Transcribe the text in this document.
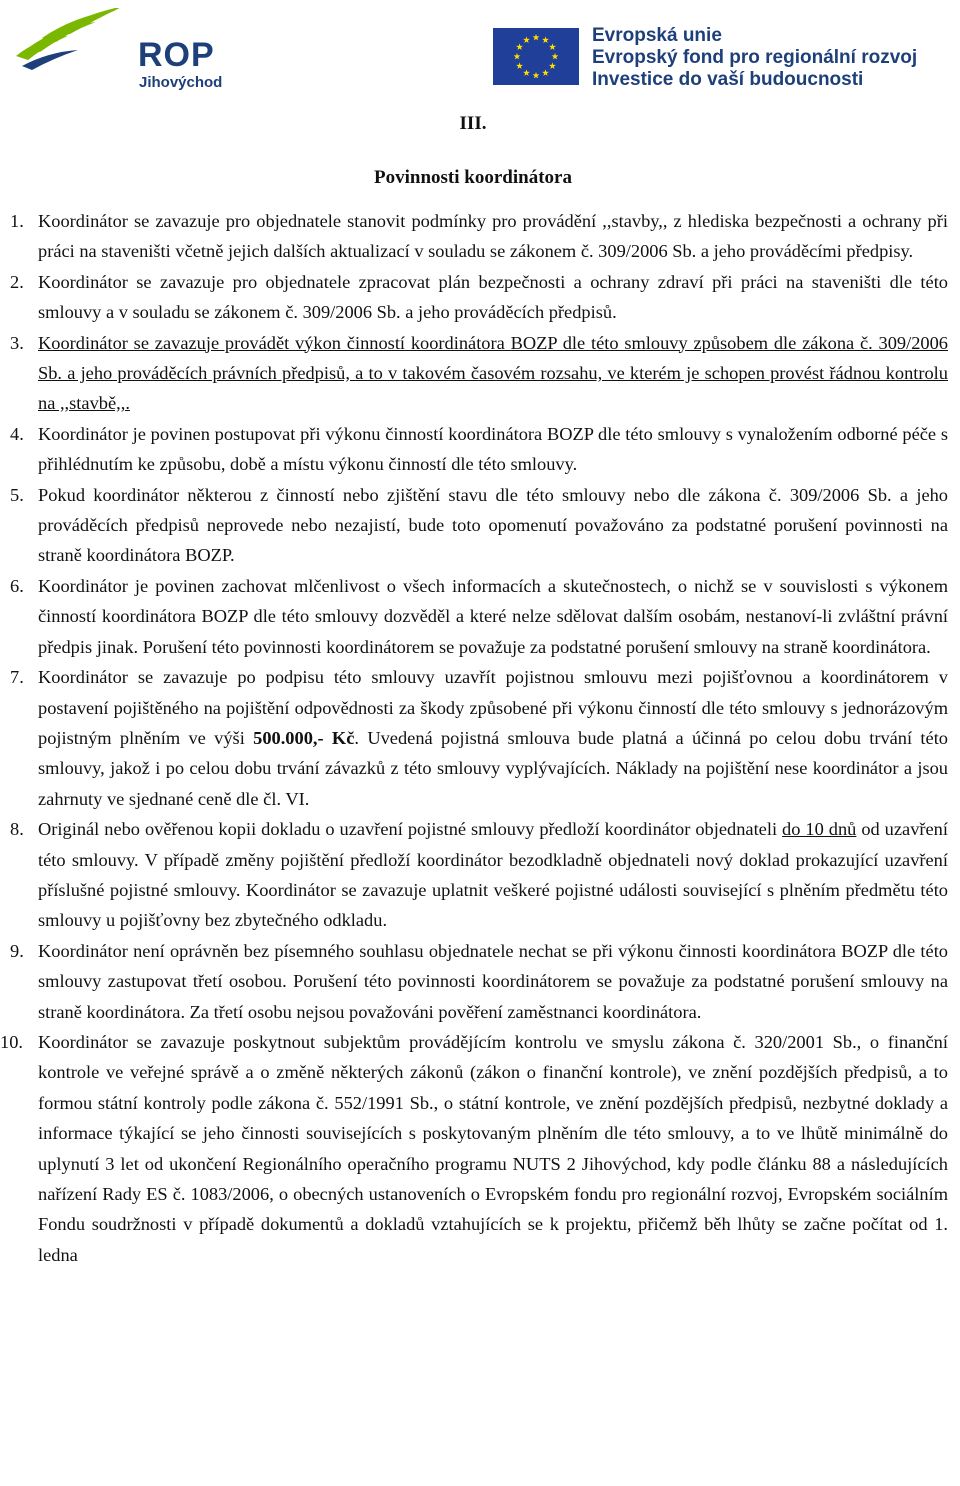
ROP
Jihovýchod
Evropská unie
Evropský fond pro regionální rozvoj
Investice do vaší budoucnosti
III.
Povinnosti koordinátora
1. Koordinátor se zavazuje pro objednatele stanovit podmínky pro provádění ,,stavby,, z hlediska bezpečnosti a ochrany při práci na staveništi včetně jejich dalších aktualizací v souladu se zákonem č. 309/2006 Sb. a jeho prováděcími předpisy.
2. Koordinátor se zavazuje pro objednatele zpracovat plán bezpečnosti a ochrany zdraví při práci na staveništi dle této smlouvy a v souladu se zákonem č. 309/2006 Sb. a jeho prováděcích předpisů.
3. Koordinátor se zavazuje provádět výkon činností koordinátora BOZP dle této smlouvy způsobem dle zákona č. 309/2006 Sb. a jeho prováděcích právních předpisů, a to v takovém časovém rozsahu, ve kterém je schopen provést řádnou kontrolu na ,,stavbě,,.
4. Koordinátor je povinen postupovat při výkonu činností koordinátora BOZP dle této smlouvy s vynaložením odborné péče s přihlédnutím ke způsobu, době a místu výkonu činností dle této smlouvy.
5. Pokud koordinátor některou z činností nebo zjištění stavu dle této smlouvy nebo dle zákona č. 309/2006 Sb. a jeho prováděcích předpisů neprovede nebo nezajistí, bude toto opomenutí považováno za podstatné porušení povinnosti na straně koordinátora BOZP.
6. Koordinátor je povinen zachovat mlčenlivost o všech informacích a skutečnostech, o nichž se v souvislosti s výkonem činností koordinátora BOZP dle této smlouvy dozvěděl a které nelze sdělovat dalším osobám, nestanoví-li zvláštní právní předpis jinak. Porušení této povinnosti koordinátorem se považuje za podstatné porušení smlouvy na straně koordinátora.
7. Koordinátor se zavazuje po podpisu této smlouvy uzavřít pojistnou smlouvu mezi pojišťovnou a koordinátorem v postavení pojištěného na pojištění odpovědnosti za škody způsobené při výkonu činností dle této smlouvy s jednorázovým pojistným plněním ve výši 500.000,- Kč. Uvedená pojistná smlouva bude platná a účinná po celou dobu trvání této smlouvy, jakož i po celou dobu trvání závazků z této smlouvy vyplývajících. Náklady na pojištění nese koordinátor a jsou zahrnuty ve sjednané ceně dle čl. VI.
8. Originál nebo ověřenou kopii dokladu o uzavření pojistné smlouvy předloží koordinátor objednateli do 10 dnů od uzavření této smlouvy. V případě změny pojištění předloží koordinátor bezodkladně objednateli nový doklad prokazující uzavření příslušné pojistné smlouvy. Koordinátor se zavazuje uplatnit veškeré pojistné události související s plněním předmětu této smlouvy u pojišťovny bez zbytečného odkladu.
9. Koordinátor není oprávněn bez písemného souhlasu objednatele nechat se při výkonu činnosti koordinátora BOZP dle této smlouvy zastupovat třetí osobou. Porušení této povinnosti koordinátorem se považuje za podstatné porušení smlouvy na straně koordinátora. Za třetí osobu nejsou považováni pověření zaměstnanci koordinátora.
10. Koordinátor se zavazuje poskytnout subjektům provádějícím kontrolu ve smyslu zákona č. 320/2001 Sb., o finanční kontrole ve veřejné správě a o změně některých zákonů (zákon o finanční kontrole), ve znění pozdějších předpisů, a to formou státní kontroly podle zákona č. 552/1991 Sb., o státní kontrole, ve znění pozdějších předpisů, nezbytné doklady a informace týkající se jeho činnosti souvisejících s poskytovaným plněním dle této smlouvy, a to ve lhůtě minimálně do uplynutí 3 let od ukončení Regionálního operačního programu NUTS 2 Jihovýchod, kdy podle článku 88 a následujících nařízení Rady ES č. 1083/2006, o obecných ustanoveních o Evropském fondu pro regionální rozvoj, Evropském sociálním Fondu soudržnosti v případě dokumentů a dokladů vztahujících se k projektu, přičemž běh lhůty se začne počítat od 1. ledna
